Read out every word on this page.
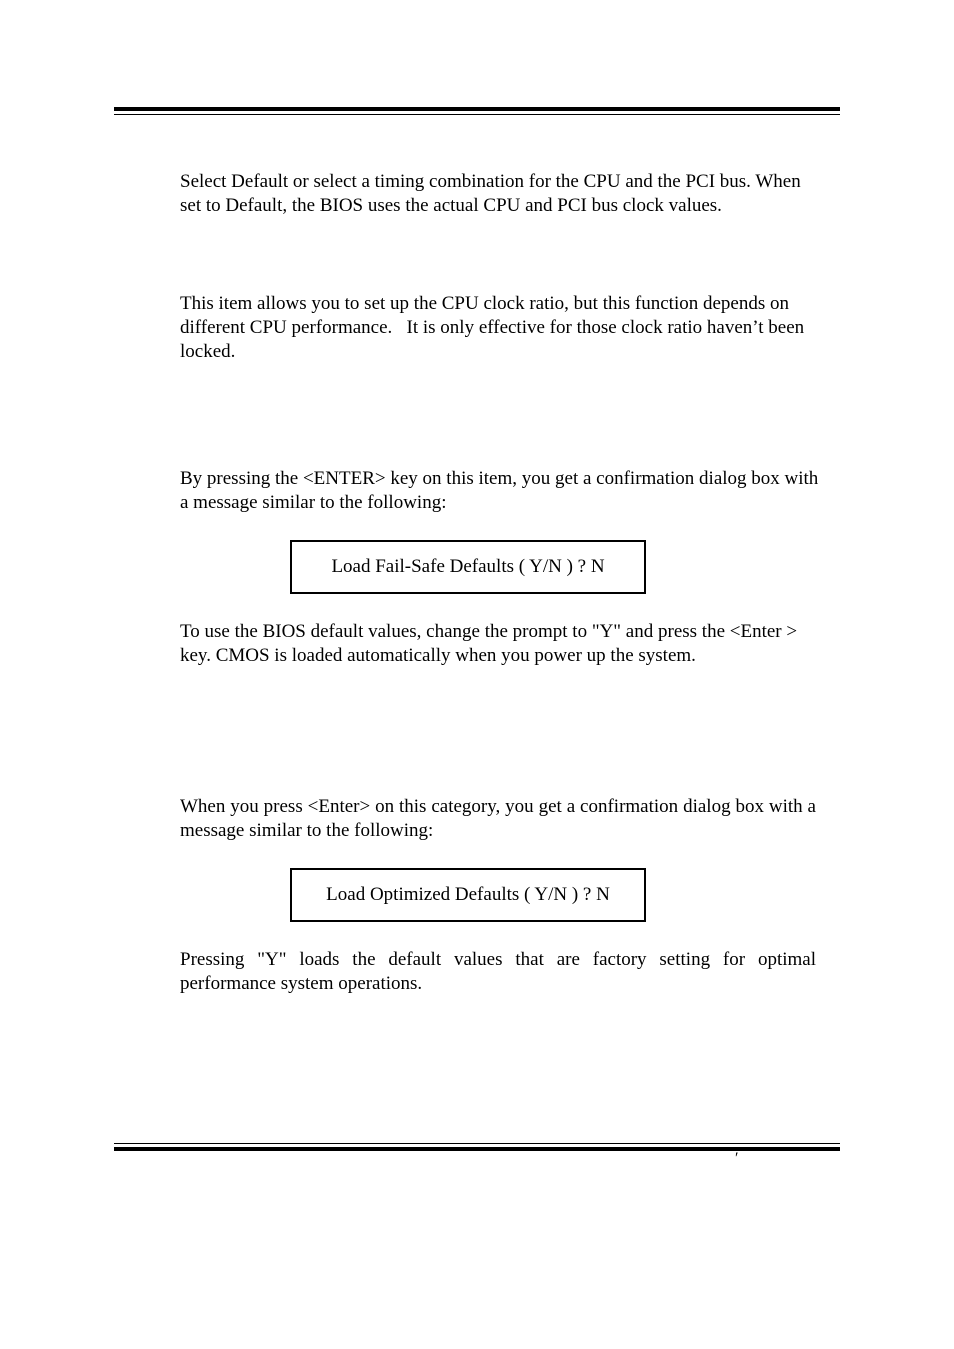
Select Default or select a timing combination for the CPU and the PCI bus. When set to Default, the BIOS uses the actual CPU and PCI bus clock values.

This item allows you to set up the CPU clock ratio, but this function depends on different CPU performance.   It is only effective for those clock ratio haven’t been locked.

By pressing the <ENTER> key on this item, you get a confirmation dialog box with a message similar to the following:

Load Fail-Safe Defaults ( Y/N ) ? N

To use the BIOS default values, change the prompt to "Y" and press the <Enter > key. CMOS is loaded automatically when you power up the system.

When you press <Enter> on this category, you get a confirmation dialog box with a message similar to the following:

Load Optimized Defaults ( Y/N ) ? N

Pressing "Y" loads the default values that are factory setting for optimal performance system operations.

′
